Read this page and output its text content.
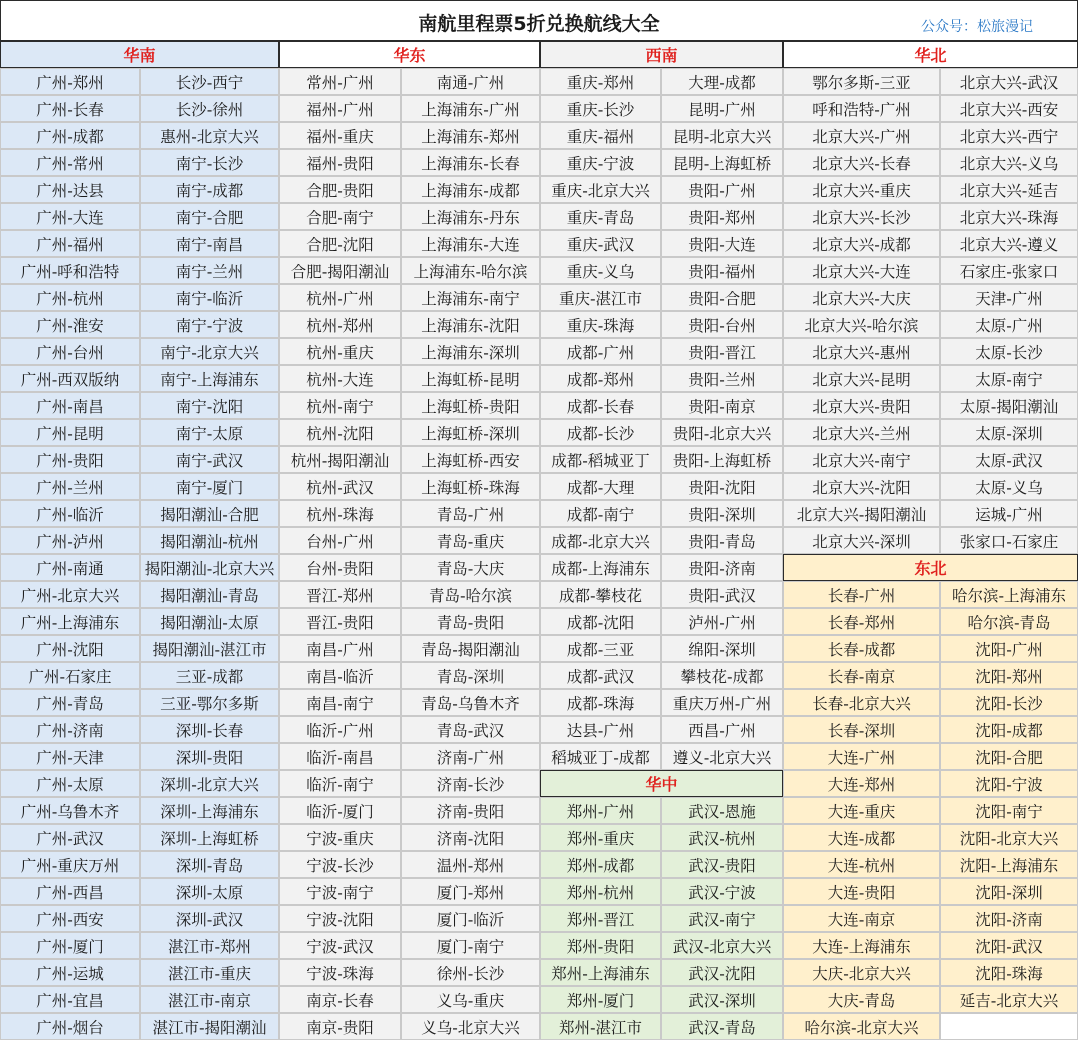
南航里程票5折兑换航线大全	公众号：松旅漫记
华南
广州-郑州
广州-长春
广州-成都
广州-常州
广州-达县
广州-大连
广州-福州
广州-呼和浩特
广州-杭州
广州-淮安
广州-台州
广州-西双版纳
广州-南昌
广州-昆明
广州-贵阳
广州-兰州
广州-临沂
广州-泸州
广州-南通
广州-北京大兴
广州-上海浦东
广州-沈阳
广州-石家庄
广州-青岛
广州-济南
广州-天津
广州-太原
广州-乌鲁木齐
广州-武汉
广州-重庆万州
广州-西昌
广州-西安
广州-厦门
广州-运城
广州-宜昌
广州-烟台
长沙-西宁
长沙-徐州
惠州-北京大兴
南宁-长沙
南宁-成都
南宁-合肥
南宁-南昌
南宁-兰州
南宁-临沂
南宁-宁波
南宁-北京大兴
南宁-上海浦东
南宁-沈阳
南宁-太原
南宁-武汉
南宁-厦门
揭阳潮汕-合肥
揭阳潮汕-杭州
揭阳潮汕-北京大兴
揭阳潮汕-青岛
揭阳潮汕-太原
揭阳潮汕-湛江市
三亚-成都
三亚-鄂尔多斯
深圳-长春
深圳-贵阳
深圳-北京大兴
深圳-上海浦东
深圳-上海虹桥
深圳-青岛
深圳-太原
深圳-武汉
湛江市-郑州
湛江市-重庆
湛江市-南京
湛江市-揭阳潮汕
华东
常州-广州
福州-广州
福州-重庆
福州-贵阳
合肥-贵阳
合肥-南宁
合肥-沈阳
合肥-揭阳潮汕
杭州-广州
杭州-郑州
杭州-重庆
杭州-大连
杭州-南宁
杭州-沈阳
杭州-揭阳潮汕
杭州-武汉
杭州-珠海
台州-广州
台州-贵阳
晋江-郑州
晋江-贵阳
南昌-广州
南昌-临沂
南昌-南宁
临沂-广州
临沂-南昌
临沂-南宁
临沂-厦门
宁波-重庆
宁波-长沙
宁波-南宁
宁波-沈阳
宁波-武汉
宁波-珠海
南京-长春
南京-贵阳
南通-广州
上海浦东-广州
上海浦东-郑州
上海浦东-长春
上海浦东-成都
上海浦东-丹东
上海浦东-大连
上海浦东-哈尔滨
上海浦东-南宁
上海浦东-沈阳
上海浦东-深圳
上海虹桥-昆明
上海虹桥-贵阳
上海虹桥-深圳
上海虹桥-西安
上海虹桥-珠海
青岛-广州
青岛-重庆
青岛-大庆
青岛-哈尔滨
青岛-贵阳
青岛-揭阳潮汕
青岛-深圳
青岛-乌鲁木齐
青岛-武汉
济南-广州
济南-长沙
济南-贵阳
济南-沈阳
温州-郑州
厦门-郑州
厦门-临沂
厦门-南宁
徐州-长沙
义乌-重庆
义乌-北京大兴
西南
重庆-郑州
重庆-长沙
重庆-福州
重庆-宁波
重庆-北京大兴
重庆-青岛
重庆-武汉
重庆-义乌
重庆-湛江市
重庆-珠海
成都-广州
成都-郑州
成都-长春
成都-长沙
成都-稻城亚丁
成都-大理
成都-南宁
成都-北京大兴
成都-上海浦东
成都-攀枝花
成都-沈阳
成都-三亚
成都-武汉
成都-珠海
达县-广州
稻城亚丁-成都
大理-成都
昆明-广州
昆明-北京大兴
昆明-上海虹桥
贵阳-广州
贵阳-郑州
贵阳-大连
贵阳-福州
贵阳-合肥
贵阳-台州
贵阳-晋江
贵阳-兰州
贵阳-南京
贵阳-北京大兴
贵阳-上海虹桥
贵阳-沈阳
贵阳-深圳
贵阳-青岛
贵阳-济南
贵阳-武汉
泸州-广州
绵阳-深圳
攀枝花-成都
重庆万州-广州
西昌-广州
遵义-北京大兴
华中
郑州-广州
郑州-重庆
郑州-成都
郑州-杭州
郑州-晋江
郑州-贵阳
郑州-上海浦东
郑州-厦门
郑州-湛江市
武汉-恩施
武汉-杭州
武汉-贵阳
武汉-宁波
武汉-南宁
武汉-北京大兴
武汉-沈阳
武汉-深圳
武汉-青岛
华北
鄂尔多斯-三亚
呼和浩特-广州
北京大兴-广州
北京大兴-长春
北京大兴-重庆
北京大兴-长沙
北京大兴-成都
北京大兴-大连
北京大兴-大庆
北京大兴-哈尔滨
北京大兴-惠州
北京大兴-昆明
北京大兴-贵阳
北京大兴-兰州
北京大兴-南宁
北京大兴-沈阳
北京大兴-揭阳潮汕
北京大兴-深圳
北京大兴-武汉
北京大兴-西安
北京大兴-西宁
北京大兴-义乌
北京大兴-延吉
北京大兴-珠海
北京大兴-遵义
石家庄-张家口
天津-广州
太原-广州
太原-长沙
太原-南宁
太原-揭阳潮汕
太原-深圳
太原-武汉
太原-义乌
运城-广州
张家口-石家庄
东北
长春-广州
长春-郑州
长春-成都
长春-南京
长春-北京大兴
长春-深圳
大连-广州
大连-郑州
大连-重庆
大连-成都
大连-杭州
大连-贵阳
大连-南京
大连-上海浦东
大庆-北京大兴
大庆-青岛
哈尔滨-北京大兴
哈尔滨-上海浦东
哈尔滨-青岛
沈阳-广州
沈阳-郑州
沈阳-长沙
沈阳-成都
沈阳-合肥
沈阳-宁波
沈阳-南宁
沈阳-北京大兴
沈阳-上海浦东
沈阳-深圳
沈阳-济南
沈阳-武汉
沈阳-珠海
延吉-北京大兴
